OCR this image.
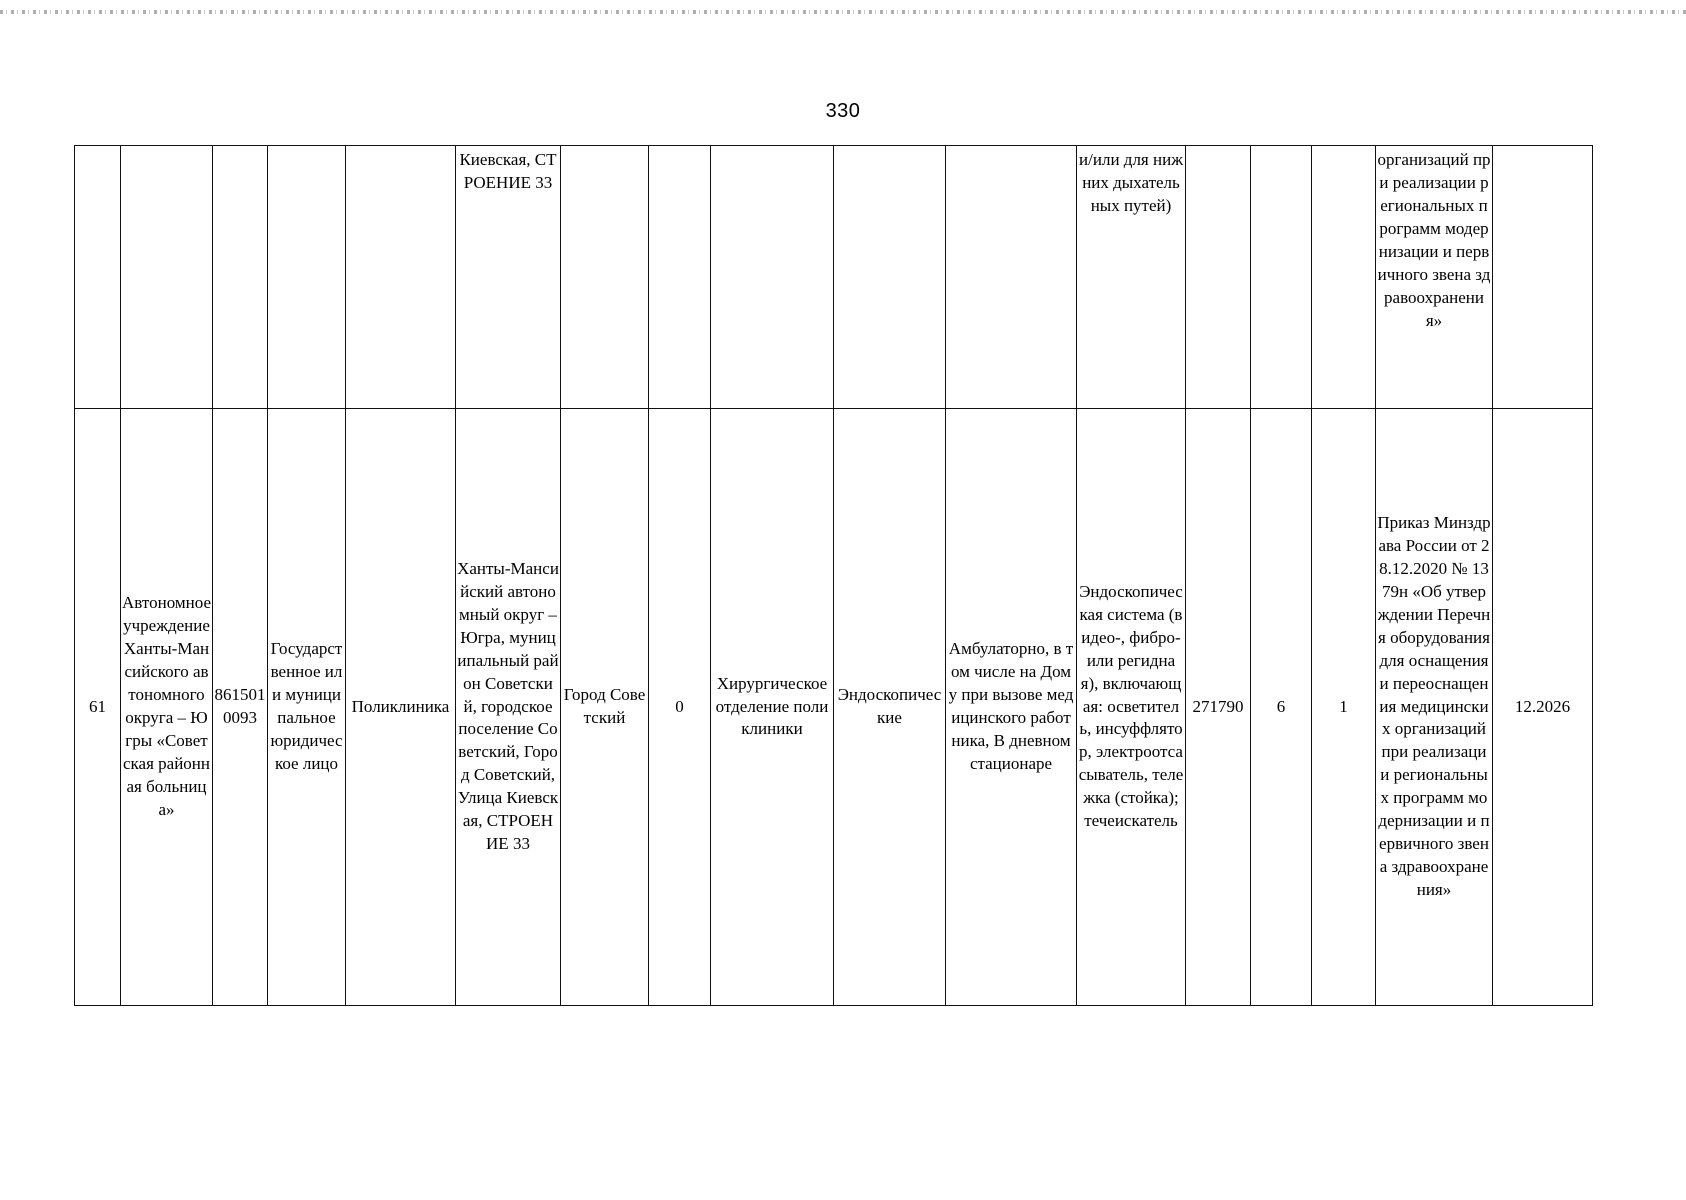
330
					Киевская, СТРОЕНИЕ 33						и/или для нижних дыхательных путей)				организаций при реализации региональных программ модернизации и первичного звена здравоохранения»	
61	Автономное учреждение Ханты-Мансийского автономного округа – Югры «Советская районная больница»	8615010093	Государственное или муниципальное юридическое лицо	Поликлиника	Ханты-Мансийский автономный округ – Югра, муниципальный район Советский, городское поселение Советский, Город Советский, Улица Киевская, СТРОЕНИЕ 33	Город Советский	0	Хирургическое отделение поликлиники	Эндоскопические	Амбулаторно, в том числе на Дому при вызове медицинского работника, В дневном стационаре	Эндоскопическая система (видео-, фибро- или регидная), включающая: осветитель, инсуффлятор, электроотсасыватель, тележка (стойка); течеискатель	271790	6	1	Приказ Минздрава России от 28.12.2020 № 1379н «Об утверждении Перечня оборудования для оснащения и переоснащения медицинских организаций при реализации региональных программ модернизации и первичного звена здравоохранения»	12.2026
